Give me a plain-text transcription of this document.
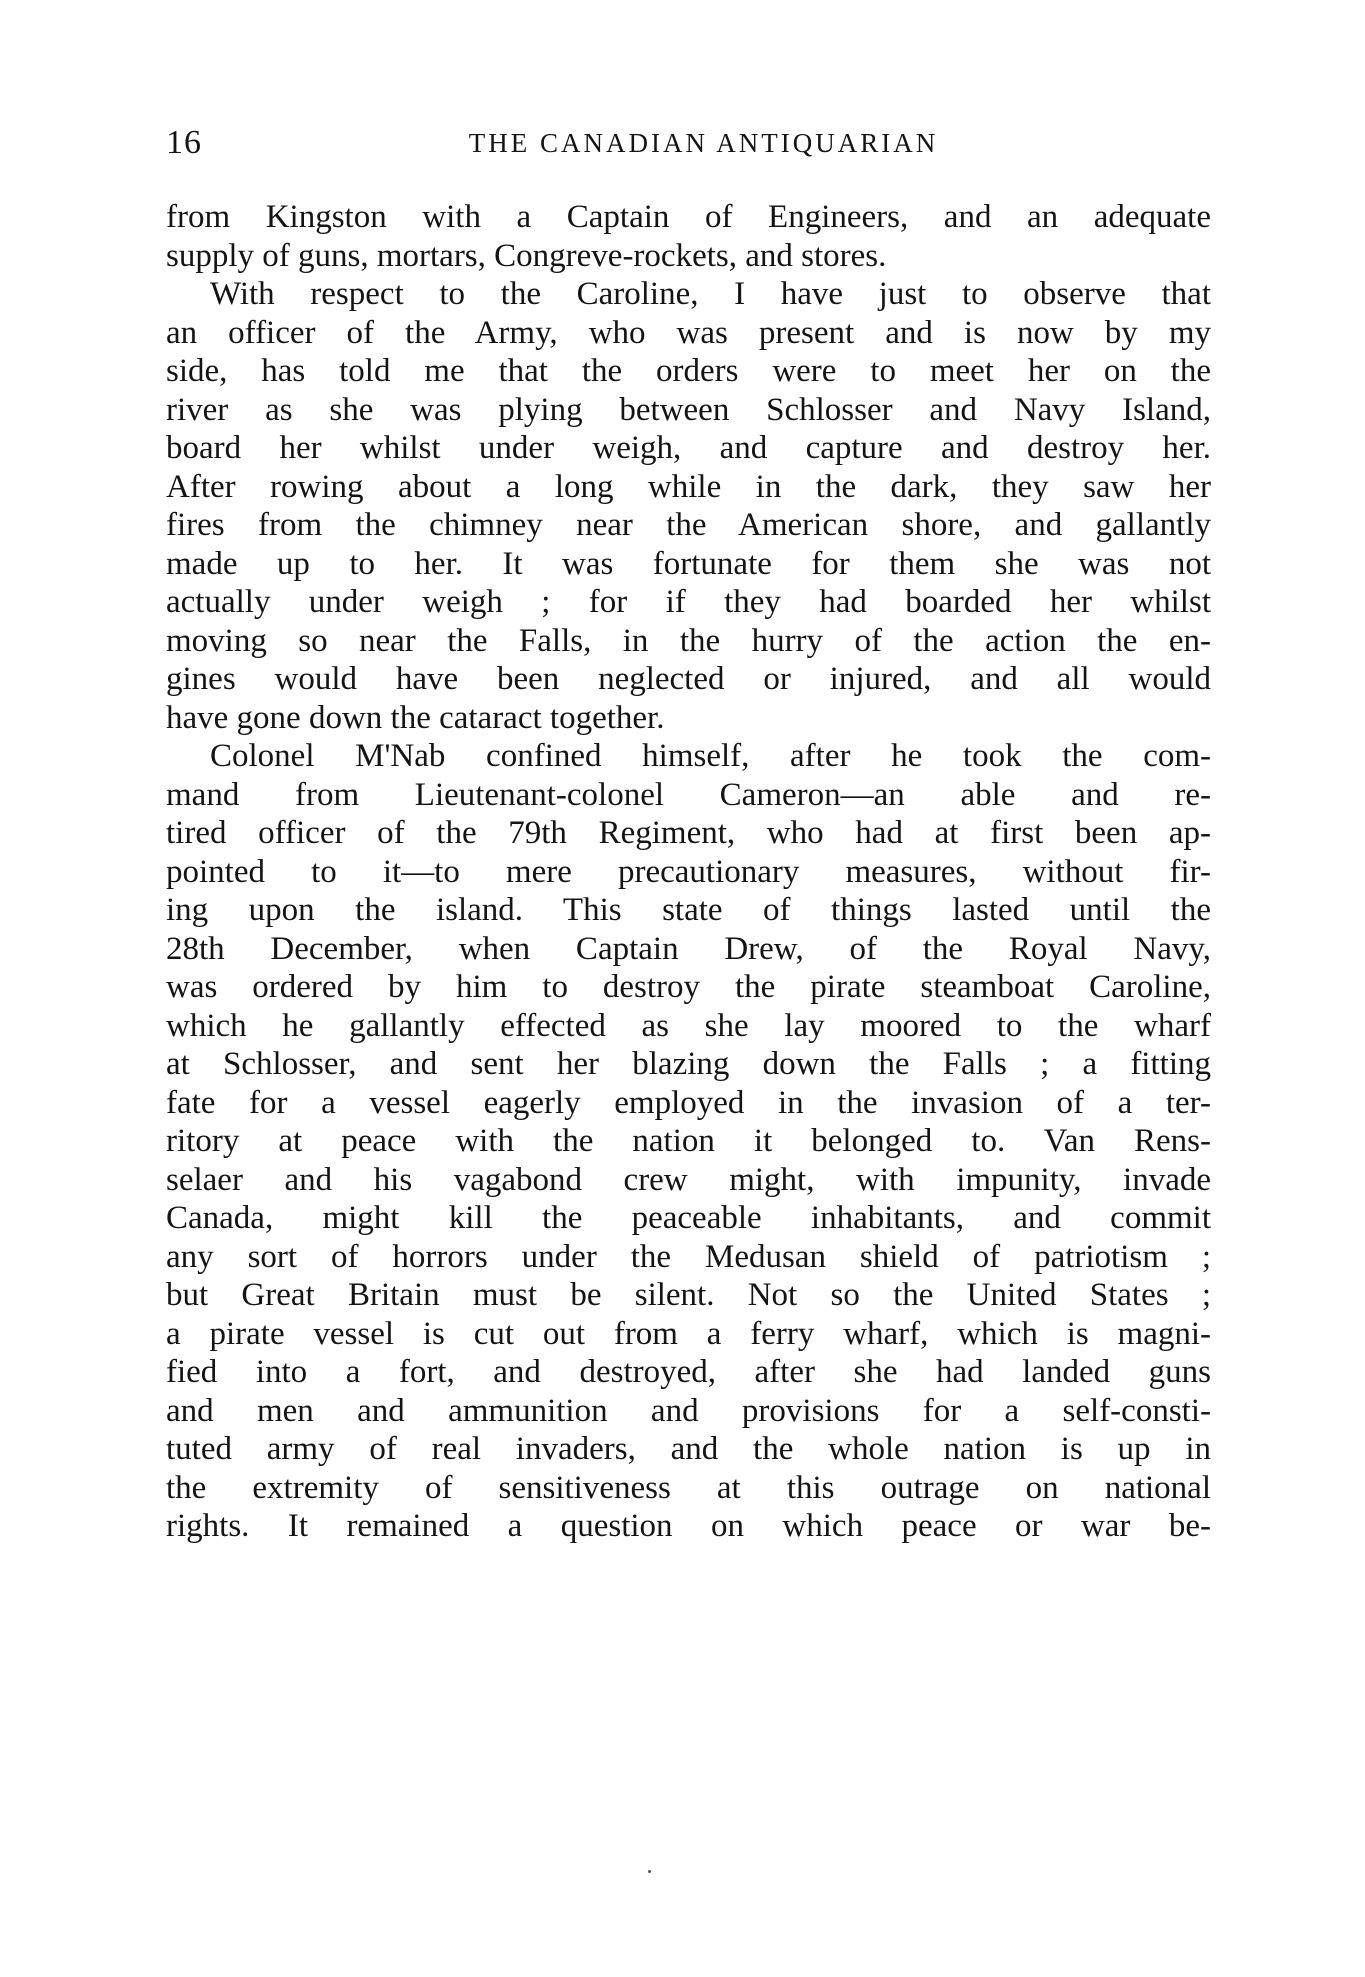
16	THE CANADIAN ANTIQUARIAN
from Kingston with a Captain of Engineers, and an adequate
supply of guns, mortars, Congreve-rockets, and stores.
With respect to the Caroline, I have just to observe that
an officer of the Army, who was present and is now by my
side, has told me that the orders were to meet her on the
river as she was plying between Schlosser and Navy Island,
board her whilst under weigh, and capture and destroy her.
After rowing about a long while in the dark, they saw her
fires from the chimney near the American shore, and gallantly
made up to her. It was fortunate for them she was not
actually under weigh ; for if they had boarded her whilst
moving so near the Falls, in the hurry of the action the en-
gines would have been neglected or injured, and all would
have gone down the cataract together.
Colonel M'Nab confined himself, after he took the com-
mand from Lieutenant-colonel Cameron—an able and re-
tired officer of the 79th Regiment, who had at first been ap-
pointed to it—to mere precautionary measures, without fir-
ing upon the island. This state of things lasted until the
28th December, when Captain Drew, of the Royal Navy,
was ordered by him to destroy the pirate steamboat Caroline,
which he gallantly effected as she lay moored to the wharf
at Schlosser, and sent her blazing down the Falls ; a fitting
fate for a vessel eagerly employed in the invasion of a ter-
ritory at peace with the nation it belonged to. Van Rens-
selaer and his vagabond crew might, with impunity, invade
Canada, might kill the peaceable inhabitants, and commit
any sort of horrors under the Medusan shield of patriotism ;
but Great Britain must be silent. Not so the United States ;
a pirate vessel is cut out from a ferry wharf, which is magni-
fied into a fort, and destroyed, after she had landed guns
and men and ammunition and provisions for a self-consti-
tuted army of real invaders, and the whole nation is up in
the extremity of sensitiveness at this outrage on national
rights. It remained a question on which peace or war be-
